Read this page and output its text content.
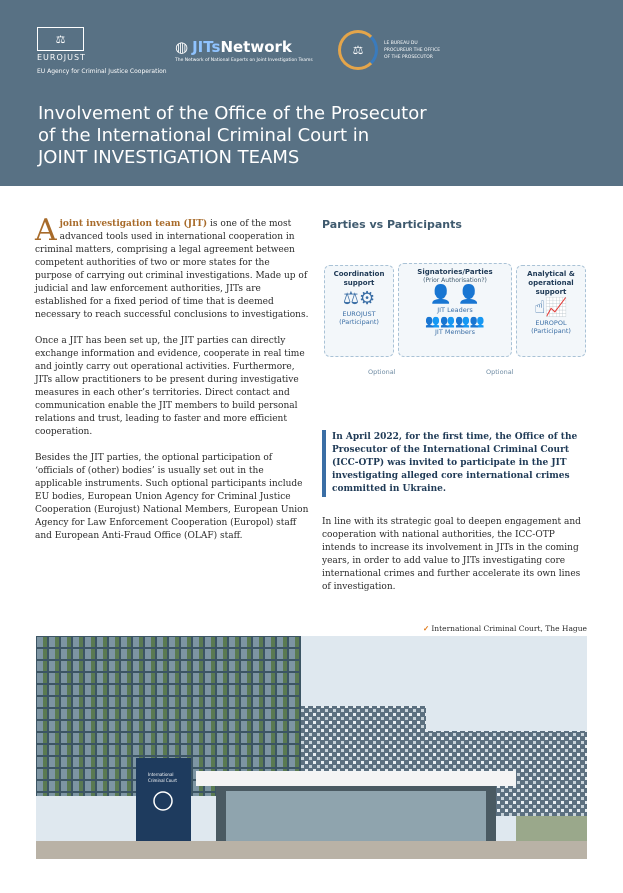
⚖
EUROJUST
EU Agency for Criminal Justice Cooperation
◍ JITsNetwork
The Network of National Experts on Joint Investigation Teams
⚖	LE BUREAU DU PROCUREUR THE OFFICE OF THE PROSECUTOR
Involvement of the Office of the Prosecutor
of the International Criminal Court in
JOINT INVESTIGATION TEAMS

Ajoint investigation team (JIT) is one of the most advanced tools used in international cooperation in criminal matters, comprising a legal agreement between competent authorities of two or more states for the purpose of carrying out criminal investigations. Made up of judicial and law enforcement authorities, JITs are established for a fixed period of time that is deemed necessary to reach successful conclusions to investigations.

Once a JIT has been set up, the JIT parties can directly exchange information and evidence, cooperate in real time and jointly carry out operational activities. Furthermore, JITs allow practitioners to be present during investigative measures in each other’s territories. Direct contact and communication enable the JIT members to build personal relations and trust, leading to faster and more efficient cooperation.

Besides the JIT parties, the optional participation of ‘officials of (other) bodies’ is usually set out in the applicable instruments. Such optional participants include EU bodies, European Union Agency for Criminal Justice Cooperation (Eurojust) National Members, European Union Agency for Law Enforcement Cooperation (Europol) staff and European Anti-Fraud Office (OLAF) staff.

Parties vs Participants
Coordination support
⚖⚙
EUROJUST
(Participant)
Signatories/Parties
(Prior Authorisation?)
👤 👤
JIT Leaders
👥👥👥👥
JIT Members
Analytical & operational support
☝📈
EUROPOL
(Participant)
Optional	Optional
In April 2022, for the first time, the Office of the Prosecutor of the International Criminal Court (ICC-OTP) was invited to participate in the JIT investigating alleged core international crimes committed in Ukraine.

In line with its strategic goal to deepen engagement and cooperation with national authorities, the ICC-OTP intends to increase its involvement in JITs in the coming years, in order to add value to JITs investigating core international crimes and further accelerate its own lines of investigation.

✓ International Criminal Court, The Hague
International
Criminal Court
